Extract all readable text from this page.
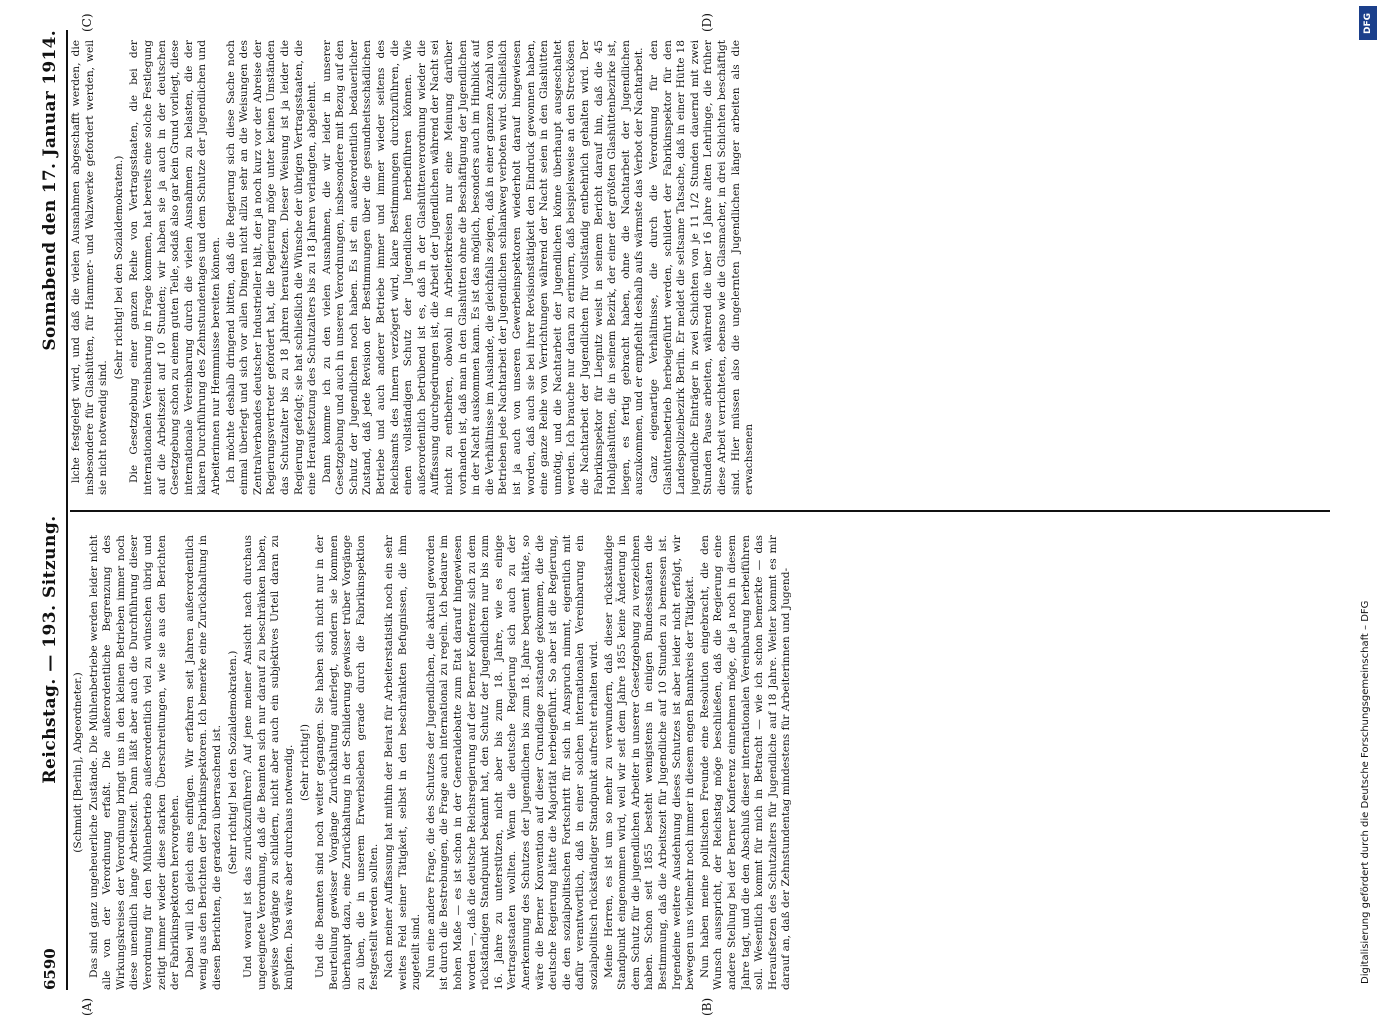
6590
Reichstag. — 193. Sitzung.
Sonnabend den 17. Januar 1914.

(Schmidt [Berlin], Abgeordneter.) Das sind ganz ungeheuerliche Zustände. Die Mühlenbetriebe werden leider nicht alle von der Verordnung erfaßt. Die außerordentliche Begrenzung des Wirkungskreises der Verordnung bringt uns in den kleinen Betrieben immer noch diese unendlich lange Arbeitszeit. Dann läßt aber auch die Durchführung dieser Verordnung für den Mühlenbetrieb außerordentlich viel zu wünschen übrig und zeitigt immer wieder diese starken Überschreitungen, wie sie aus den Berichten der Fabrikinspektoren hervorgehen. Dabei will ich gleich eins einfügen. Wir erfahren seit Jahren außerordentlich wenig aus den Berichten der Fabrikinspektoren. Ich bemerke eine Zurückhaltung in diesen Berichten, die geradezu überraschend ist. (Sehr richtig! bei den Sozialdemokraten.) Und worauf ist das zurückzuführen? Auf jene meiner Ansicht nach durchaus ungeeignete Verordnung, daß die Beamten sich nur darauf zu beschränken haben, gewisse Vorgänge zu schildern, nicht aber auch ein subjektives Urteil daran zu knüpfen. Das wäre aber durchaus notwendig. (Sehr richtig!) Und die Beamten sind noch weiter gegangen. Sie haben sich nicht nur in der Beurteilung gewisser Vorgänge Zurückhaltung auferlegt, sondern sie kommen überhaupt dazu, eine Zurückhaltung in der Schilderung gewisser trüber Vorgänge zu üben, die in unserem Erwerbsleben gerade durch die Fabrikinspektion festgestellt werden sollten. Nach meiner Auffassung hat mithin der Beirat für Arbeiterstatistik noch ein sehr weites Feld seiner Tätigkeit, selbst in den beschränkten Befugnissen, die ihm zugeteilt sind. Nun eine andere Frage, die des Schutzes der Jugendlichen, die aktuell geworden ist durch die Bestrebungen, die Frage auch international zu regeln. Ich bedaure im hohen Maße — es ist schon in der Generaldebatte zum Etat darauf hingewiesen worden —, daß die deutsche Reichsregierung auf der Berner Konferenz sich zu dem rückständigen Standpunkt bekannt hat, den Schutz der Jugendlichen nur bis zum 16. Jahre zu unterstützen, nicht aber bis zum 18. Jahre, wie es einige Vertragsstaaten wollten. Wenn die deutsche Regierung sich auch zu der Anerkennung des Schutzes der Jugendlichen bis zum 18. Jahre bequemt hätte, so wäre die Berner Konvention auf dieser Grundlage zustande gekommen, die die deutsche Regierung hätte die Majorität herbeigeführt. So aber ist die Regierung, die den sozialpolitischen Fortschritt für sich in Anspruch nimmt, eigentlich mit dafür verantwortlich, daß in einer solchen internationalen Vereinbarung ein sozialpolitisch rückständiger Standpunkt aufrecht erhalten wird. Meine Herren, es ist um so mehr zu verwundern, daß dieser rückständige Standpunkt eingenommen wird, weil wir seit dem Jahre 1855 keine Änderung in dem Schutz für die jugendlichen Arbeiter in unserer Gesetzgebung zu verzeichnen haben. Schon seit 1855 besteht wenigstens in einigen Bundesstaaten die Bestimmung, daß die Arbeitszeit für Jugendliche auf 10 Stunden zu bemessen ist. Irgendeine weitere Ausdehnung dieses Schutzes ist aber leider nicht erfolgt, wir bewegen uns vielmehr noch immer in diesem engen Bannkreis der Tätigkeit. Nun haben meine politischen Freunde eine Resolution eingebracht, die den Wunsch ausspricht, der Reichstag möge beschließen, daß die Regierung eine andere Stellung bei der Berner Konferenz einnehmen möge, die ja noch in diesem Jahre tagt, und die den Abschluß dieser internationalen Vereinbarung herbeiführen soll. Wesentlich kommt für mich in Betracht — wie ich schon bemerkte — das Heraufsetzen des Schutzalters für Jugendliche auf 18 Jahre. Weiter kommt es mir darauf an, daß der Zehnstundentag mindestens für Arbeiterinnen und Jugend-

liche festgelegt wird, und daß die vielen Ausnahmen abgeschafft werden, die insbesondere für Glashütten, für Hammer- und Walzwerke gefordert werden, weil sie nicht notwendig sind.

(Sehr richtig! bei den Sozialdemokraten.) Die Gesetzgebung einer ganzen Reihe von Vertragsstaaten, die bei der internationalen Vereinbarung in Frage kommen, hat bereits eine solche Festlegung auf die Arbeitszeit auf 10 Stunden; wir haben sie ja auch in der deutschen Gesetzgebung schon zu einem guten Teile, sodaß also gar kein Grund vorliegt, diese internationale Vereinbarung durch die vielen Ausnahmen zu belasten, die der klaren Durchführung des Zehnstundentages und dem Schutze der Jugendlichen und Arbeiterinnen nur Hemmnisse bereiten können. Ich möchte deshalb dringend bitten, daß die Regierung sich diese Sache noch einmal überlegt und sich vor allen Dingen nicht allzu sehr an die Weisungen des Zentralverbandes deutscher Industrieller hält, der ja noch kurz vor der Abreise der Regierungsvertreter gefordert hat, die Regierung möge unter keinen Umständen das Schutzalter bis zu 18 Jahren heraufsetzen. Dieser Weisung ist ja leider die Regierung gefolgt; sie hat schließlich die Wünsche der übrigen Vertragsstaaten, die eine Heraufsetzung des Schutzalters bis zu 18 Jahren verlangten, abgelehnt. Dann komme ich zu den vielen Ausnahmen, die wir leider in unserer Gesetzgebung und auch in unseren Verordnungen, insbesondere mit Bezug auf den Schutz der Jugendlichen noch haben. Es ist ein außerordentlich bedauerlicher Zustand, daß jede Revision der Bestimmungen über die gesundheitsschädlichen Betriebe und auch anderer Betriebe immer und immer wieder seitens des Reichsamts des Innern verzögert wird, klare Bestimmungen durchzuführen, die einen vollständigen Schutz der Jugendlichen herbeiführen können. Wie außerordentlich betrübend ist es, daß in der Glashüttenverordnung wieder die Auffassung durchgedrungen ist, die Arbeit der Jugendlichen während der Nacht sei nicht zu entbehren, obwohl in Arbeiterkreisen nur eine Meinung darüber vorhanden ist, daß man in den Glashütten ohne die Beschäftigung der Jugendlichen in der Nacht auskommen kann. Es ist das möglich, besonders auch im Hinblick auf die Verhältnisse im Auslande, die gleichfalls zeigen, daß in einer ganzen Anzahl von Betrieben jede Nachtarbeit der Jugendlichen schlankweg verboten wird. Schließlich ist ja auch von unseren Gewerbeinspektoren wiederholt darauf hingewiesen worden, daß auch sie bei ihrer Revisionstätigkeit den Eindruck gewonnen haben, eine ganze Reihe von Verrichtungen während der Nacht seien in den Glashütten unnötig, und die Nachtarbeit der Jugendlichen könne überhaupt ausgeschaltet werden. Ich brauche nur daran zu erinnern, daß beispielsweise an den Streckösen die Nachtarbeit der Jugendlichen für vollständig entbehrlich gehalten wird. Der Fabrikinspektor für Liegnitz weist in seinem Bericht darauf hin, daß die 45 Hohlglashütten, die in seinem Bezirk, der einer der größten Glashüttenbezirke ist, liegen, es fertig gebracht haben, ohne die Nachtarbeit der Jugendlichen auszukommen, und er empfiehlt deshalb aufs wärmste das Verbot der Nachtarbeit. Ganz eigenartige Verhältnisse, die durch die Verordnung für den Glashüttenbetrieb herbeigeführt werden, schildert der Fabrikinspektor für den Landespolizeibezirk Berlin. Er meldet die seltsame Tatsache, daß in einer Hütte 18 jugendliche Einträger in zwei Schichten von je 11 1/2 Stunden dauernd mit zwei Stunden Pause arbeiten, während die über 16 Jahre alten Lehrlinge, die früher diese Arbeit verrichteten, ebenso wie die Glasmacher, in drei Schichten beschäftigt sind. Hier müssen also die ungelernten Jugendlichen länger arbeiten als die erwachsenen

(A)	(B)
(C)	(D)	DFG
Digitalisierung gefördert durch die Deutsche Forschungsgemeinschaft – DFG
